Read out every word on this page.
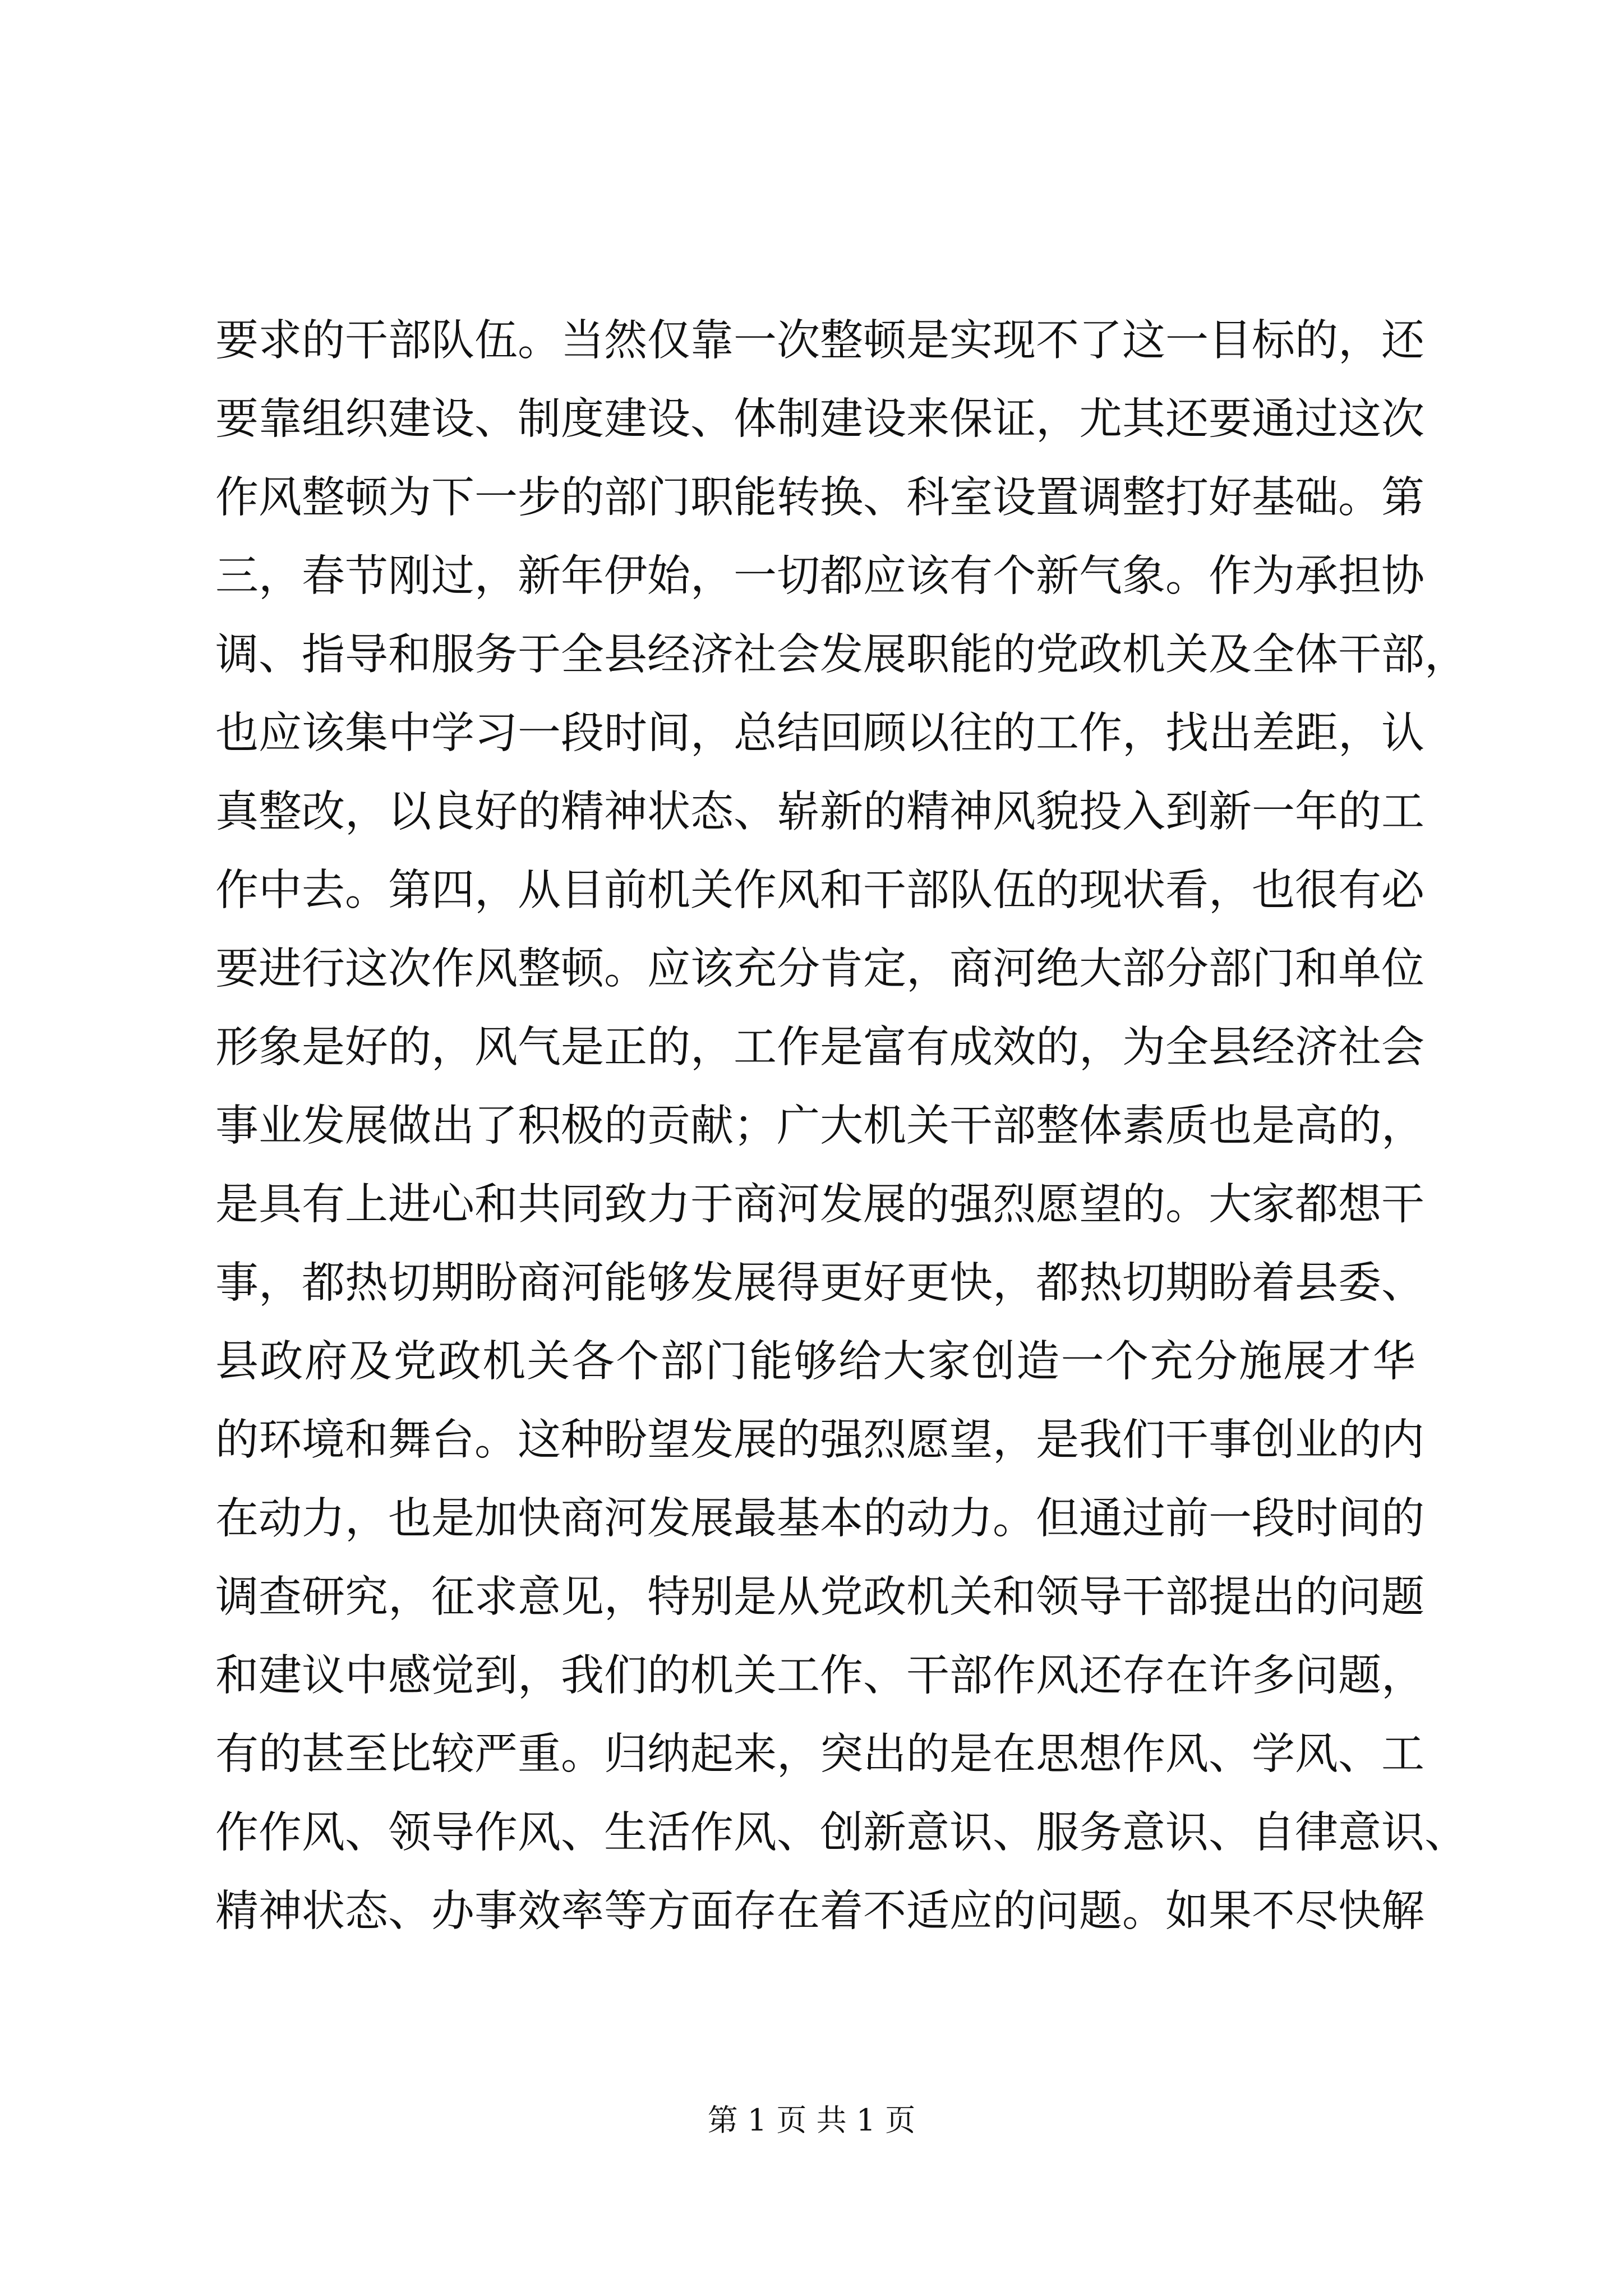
要求的干部队伍。当然仅靠一次整顿是实现不了这一目标的，还
要靠组织建设、制度建设、体制建设来保证，尤其还要通过这次
作风整顿为下一步的部门职能转换、科室设置调整打好基础。第
三，春节刚过，新年伊始，一切都应该有个新气象。作为承担协
调、指导和服务于全县经济社会发展职能的党政机关及全体干部，
也应该集中学习一段时间，总结回顾以往的工作，找出差距，认
真整改，以良好的精神状态、崭新的精神风貌投入到新一年的工
作中去。第四，从目前机关作风和干部队伍的现状看，也很有必
要进行这次作风整顿。应该充分肯定，商河绝大部分部门和单位
形象是好的，风气是正的，工作是富有成效的，为全县经济社会
事业发展做出了积极的贡献；广大机关干部整体素质也是高的，
是具有上进心和共同致力于商河发展的强烈愿望的。大家都想干
事，都热切期盼商河能够发展得更好更快，都热切期盼着县委、
县政府及党政机关各个部门能够给大家创造一个充分施展才华
的环境和舞台。这种盼望发展的强烈愿望，是我们干事创业的内
在动力，也是加快商河发展最基本的动力。但通过前一段时间的
调查研究，征求意见，特别是从党政机关和领导干部提出的问题
和建议中感觉到，我们的机关工作、干部作风还存在许多问题，
有的甚至比较严重。归纳起来，突出的是在思想作风、学风、工
作作风、领导作风、生活作风、创新意识、服务意识、自律意识、
精神状态、办事效率等方面存在着不适应的问题。如果不尽快解
第 1 页 共 1 页
